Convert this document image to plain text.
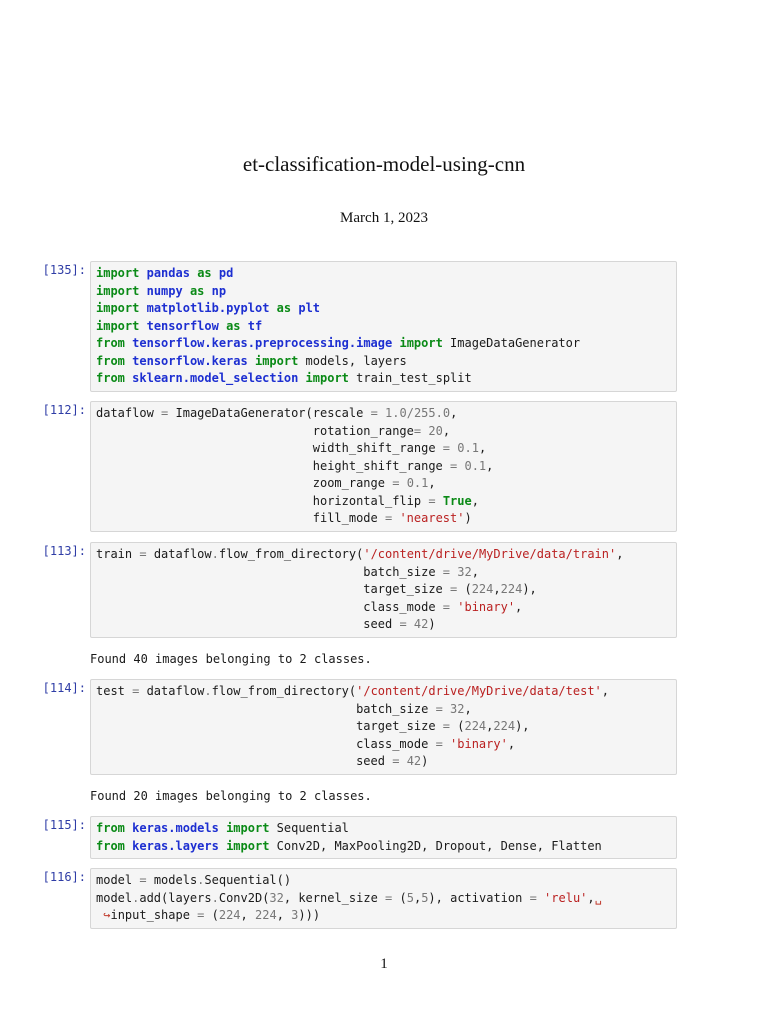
et-classification-model-using-cnn
March 1, 2023
[135]: import pandas as pd
import numpy as np
import matplotlib.pyplot as plt
import tensorflow as tf
from tensorflow.keras.preprocessing.image import ImageDataGenerator
from tensorflow.keras import models, layers
from sklearn.model_selection import train_test_split
[112]: dataflow = ImageDataGenerator(rescale = 1.0/255.0,
rotation_range= 20,
width_shift_range = 0.1,
height_shift_range = 0.1,
zoom_range = 0.1,
horizontal_flip = True,
fill_mode = 'nearest')
[113]: train = dataflow.flow_from_directory('/content/drive/MyDrive/data/train',
batch_size = 32,
target_size = (224,224),
class_mode = 'binary',
seed = 42)
Found 40 images belonging to 2 classes.
[114]: test = dataflow.flow_from_directory('/content/drive/MyDrive/data/test',
batch_size = 32,
target_size = (224,224),
class_mode = 'binary',
seed = 42)
Found 20 images belonging to 2 classes.
[115]: from keras.models import Sequential
from keras.layers import Conv2D, MaxPooling2D, Dropout, Dense, Flatten
[116]: model = models.Sequential()
model.add(layers.Conv2D(32, kernel_size = (5,5), activation = 'relu',␣
↪input_shape = (224, 224, 3)))
1
